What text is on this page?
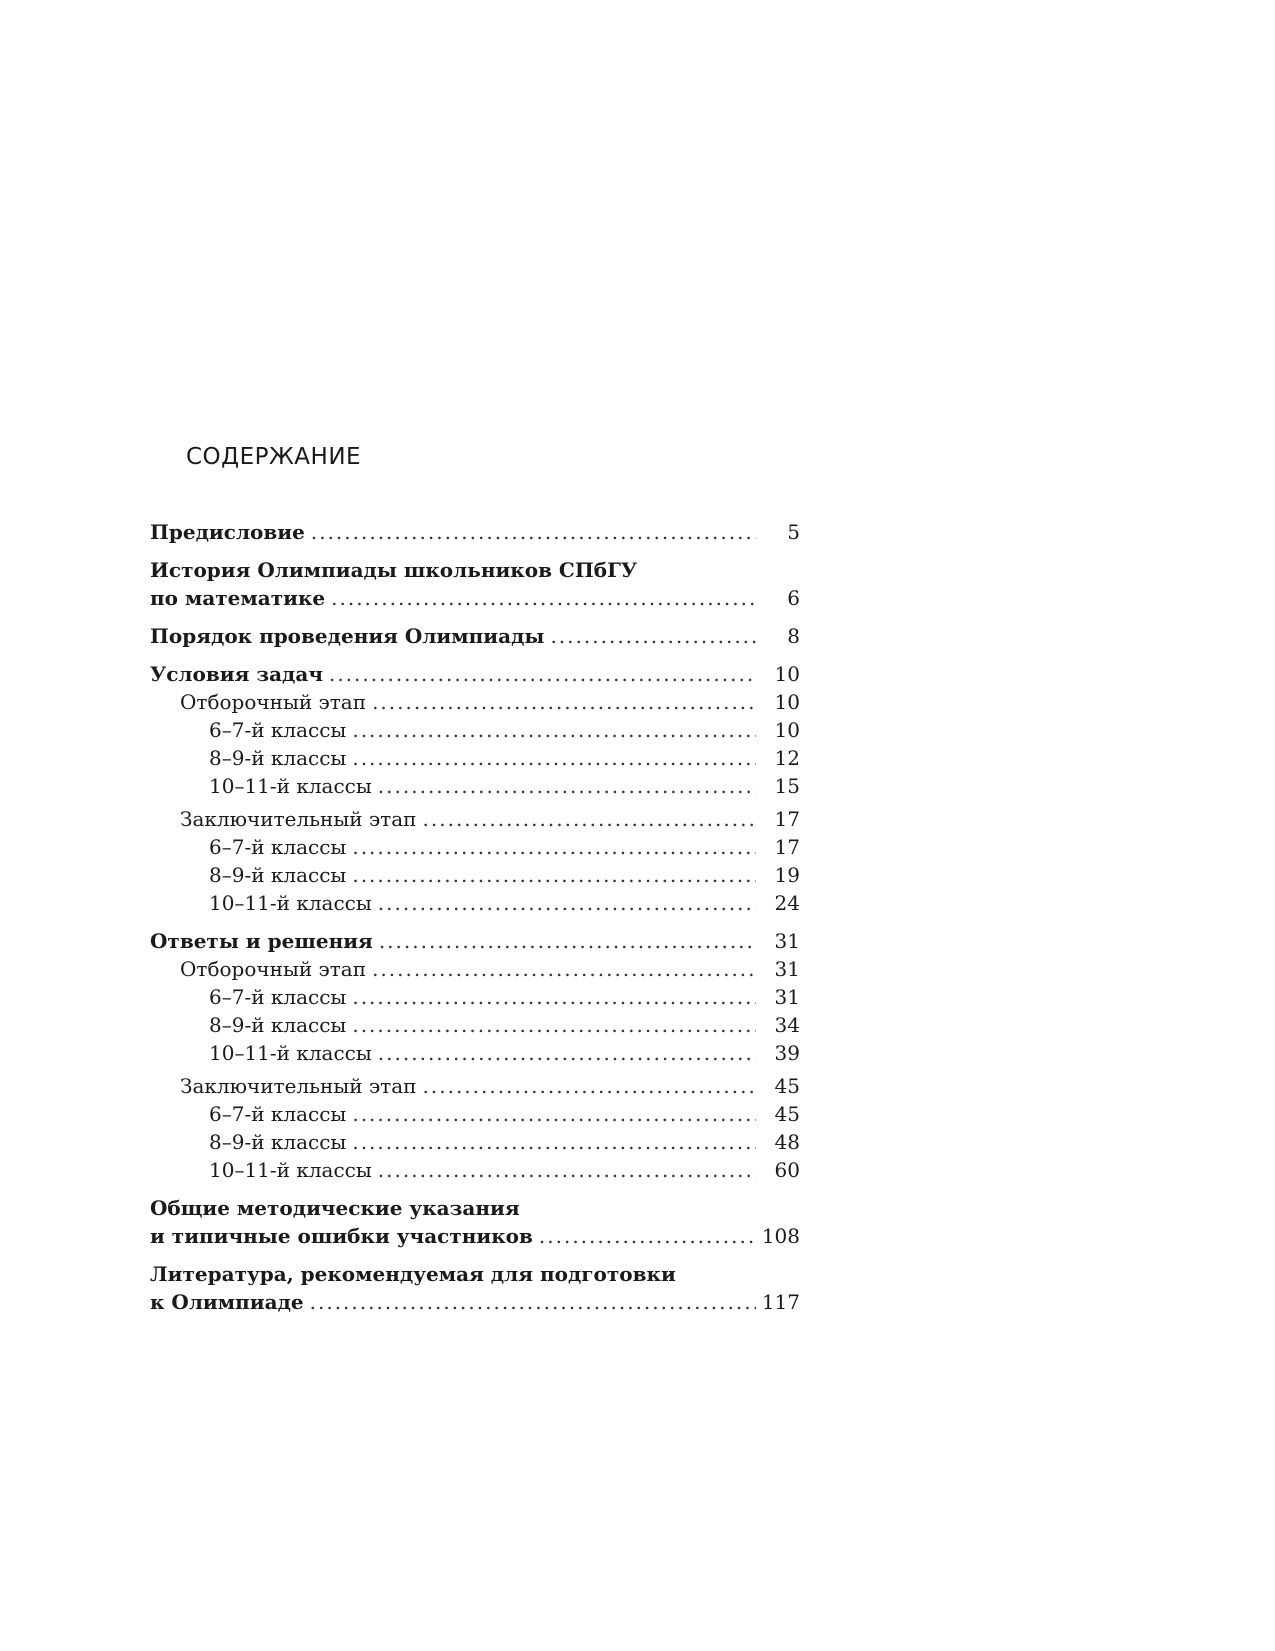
СОДЕРЖАНИЕ
Предисловие .....	5
История Олимпиады школьников СПбГУ
по математике .....	6
Порядок проведения Олимпиады .....	8
Условия задач .....	10
Отборочный этап .....	10
6–7-й классы .....	10
8–9-й классы .....	12
10–11-й классы .....	15
Заключительный этап .....	17
6–7-й классы .....	17
8–9-й классы .....	19
10–11-й классы .....	24
Ответы и решения .....	31
Отборочный этап .....	31
6–7-й классы .....	31
8–9-й классы .....	34
10–11-й классы .....	39
Заключительный этап .....	45
6–7-й классы .....	45
8–9-й классы .....	48
10–11-й классы .....	60
Общие методические указания
и типичные ошибки участников .....	108
Литература, рекомендуемая для подготовки
к Олимпиаде .....	117
